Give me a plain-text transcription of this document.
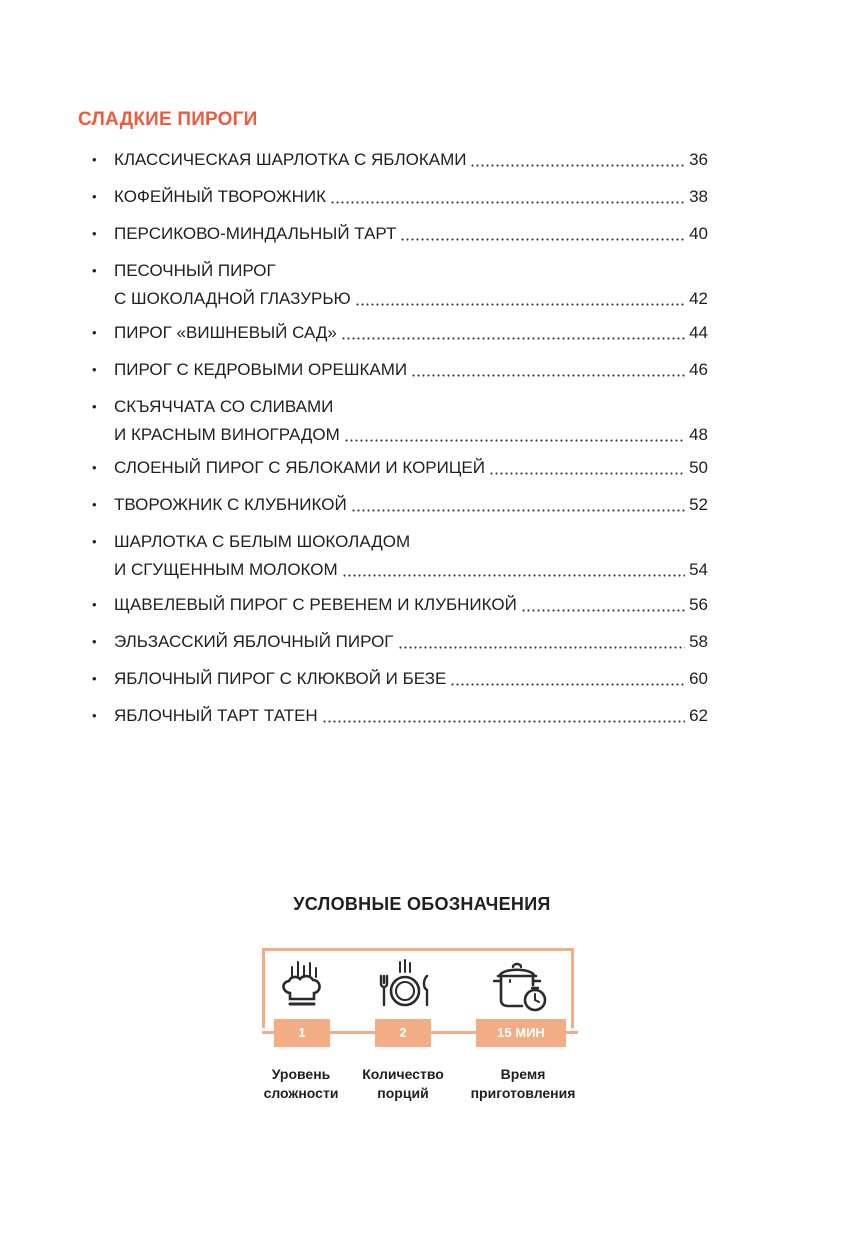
СЛАДКИЕ ПИРОГИ
• КЛАССИЧЕСКАЯ ШАРЛОТКА С ЯБЛОКАМИ	36
• КОФЕЙНЫЙ ТВОРОЖНИК	38
• ПЕРСИКОВО-МИНДАЛЬНЫЙ ТАРТ	40
• ПЕСОЧНЫЙ ПИРОГ
С ШОКОЛАДНОЙ ГЛАЗУРЬЮ	42
• ПИРОГ «ВИШНЕВЫЙ САД»	44
• ПИРОГ С КЕДРОВЫМИ ОРЕШКАМИ	46
• СКЪЯЧЧАТА СО СЛИВАМИ
И КРАСНЫМ ВИНОГРАДОМ	48
• СЛОЕНЫЙ ПИРОГ С ЯБЛОКАМИ И КОРИЦЕЙ	50
• ТВОРОЖНИК С КЛУБНИКОЙ	52
• ШАРЛОТКА С БЕЛЫМ ШОКОЛАДОМ
И СГУЩЕННЫМ МОЛОКОМ	54
• ЩАВЕЛЕВЫЙ ПИРОГ С РЕВЕНЕМ И КЛУБНИКОЙ	56
• ЭЛЬЗАССКИЙ ЯБЛОЧНЫЙ ПИРОГ	58
• ЯБЛОЧНЫЙ ПИРОГ С КЛЮКВОЙ И БЕЗЕ	60
• ЯБЛОЧНЫЙ ТАРТ ТАТЕН	62
УСЛОВНЫЕ ОБОЗНАЧЕНИЯ
1	2	15 МИН
Уровень
сложности
Количество
порций
Время
приготовления
